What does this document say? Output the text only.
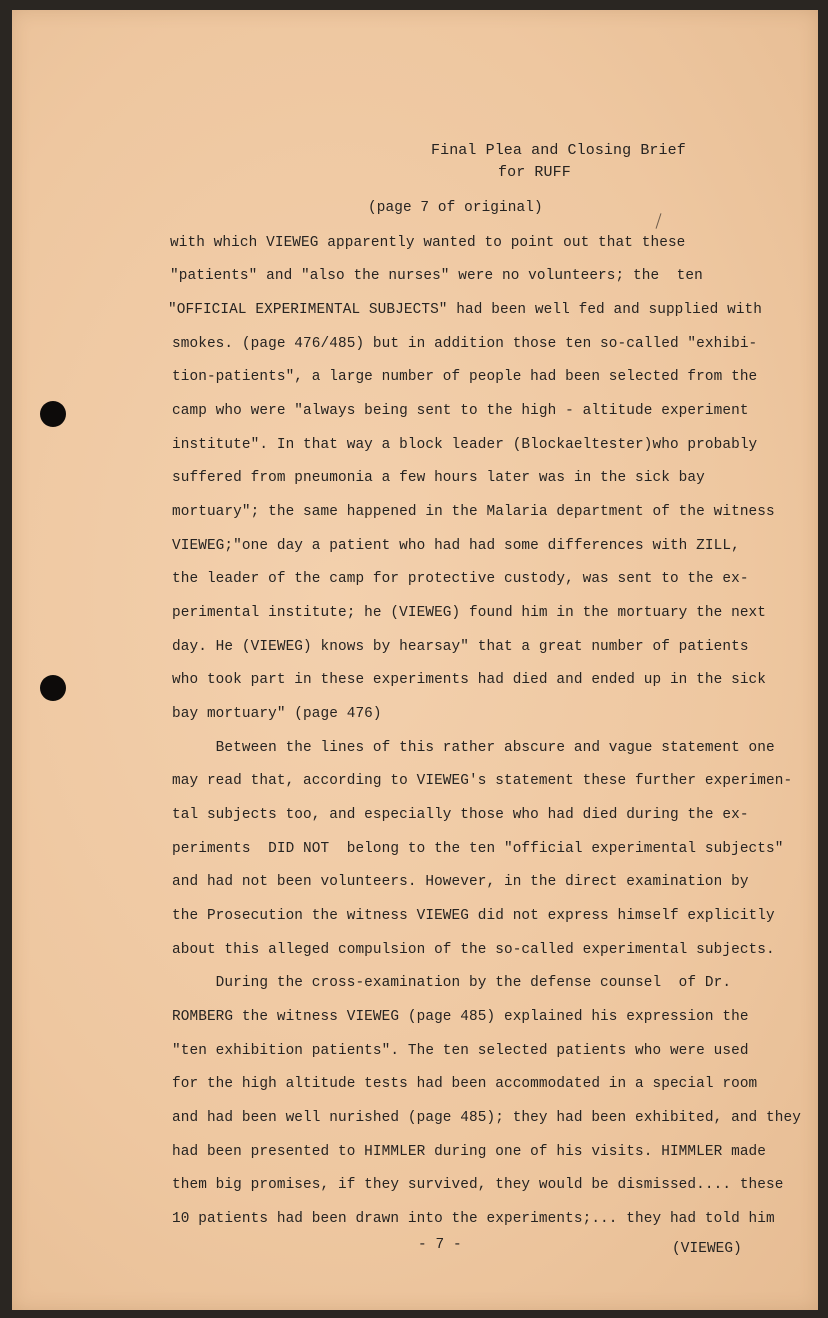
Final Plea and Closing Brief
for RUFF
(page 7 of original)
with which VIEWEG apparently wanted to point out that these
"patients" and "also the nurses" were no volunteers; the  ten
"OFFICIAL EXPERIMENTAL SUBJECTS" had been well fed and supplied with
smokes. (page 476/485) but in addition those ten so-called "exhibi-
tion-patients", a large number of people had been selected from the
camp who were "always being sent to the high - altitude experiment
institute". In that way a block leader (Blockaeltester)who probably
suffered from pneumonia a few hours later was in the sick bay
mortuary"; the same happened in the Malaria department of the witness
VIEWEG;"one day a patient who had had some differences with ZILL,
the leader of the camp for protective custody, was sent to the ex-
perimental institute; he (VIEWEG) found him in the mortuary the next
day. He (VIEWEG) knows by hearsay" that a great number of patients
who took part in these experiments had died and ended up in the sick
bay mortuary" (page 476)
Between the lines of this rather abscure and vague statement one
may read that, according to VIEWEG's statement these further experimen-
tal subjects too, and especially those who had died during the ex-
periments  DID NOT  belong to the ten "official experimental subjects"
and had not been volunteers. However, in the direct examination by
the Prosecution the witness VIEWEG did not express himself explicitly
about this alleged compulsion of the so-called experimental subjects.
During the cross-examination by the defense counsel  of Dr.
ROMBERG the witness VIEWEG (page 485) explained his expression the
"ten exhibition patients". The ten selected patients who were used
for the high altitude tests had been accommodated in a special room
and had been well nurished (page 485); they had been exhibited, and they
had been presented to HIMMLER during one of his visits. HIMMLER made
them big promises, if they survived, they would be dismissed.... these
10 patients had been drawn into the experiments;... they had told him
- 7 -	(VIEWEG)
